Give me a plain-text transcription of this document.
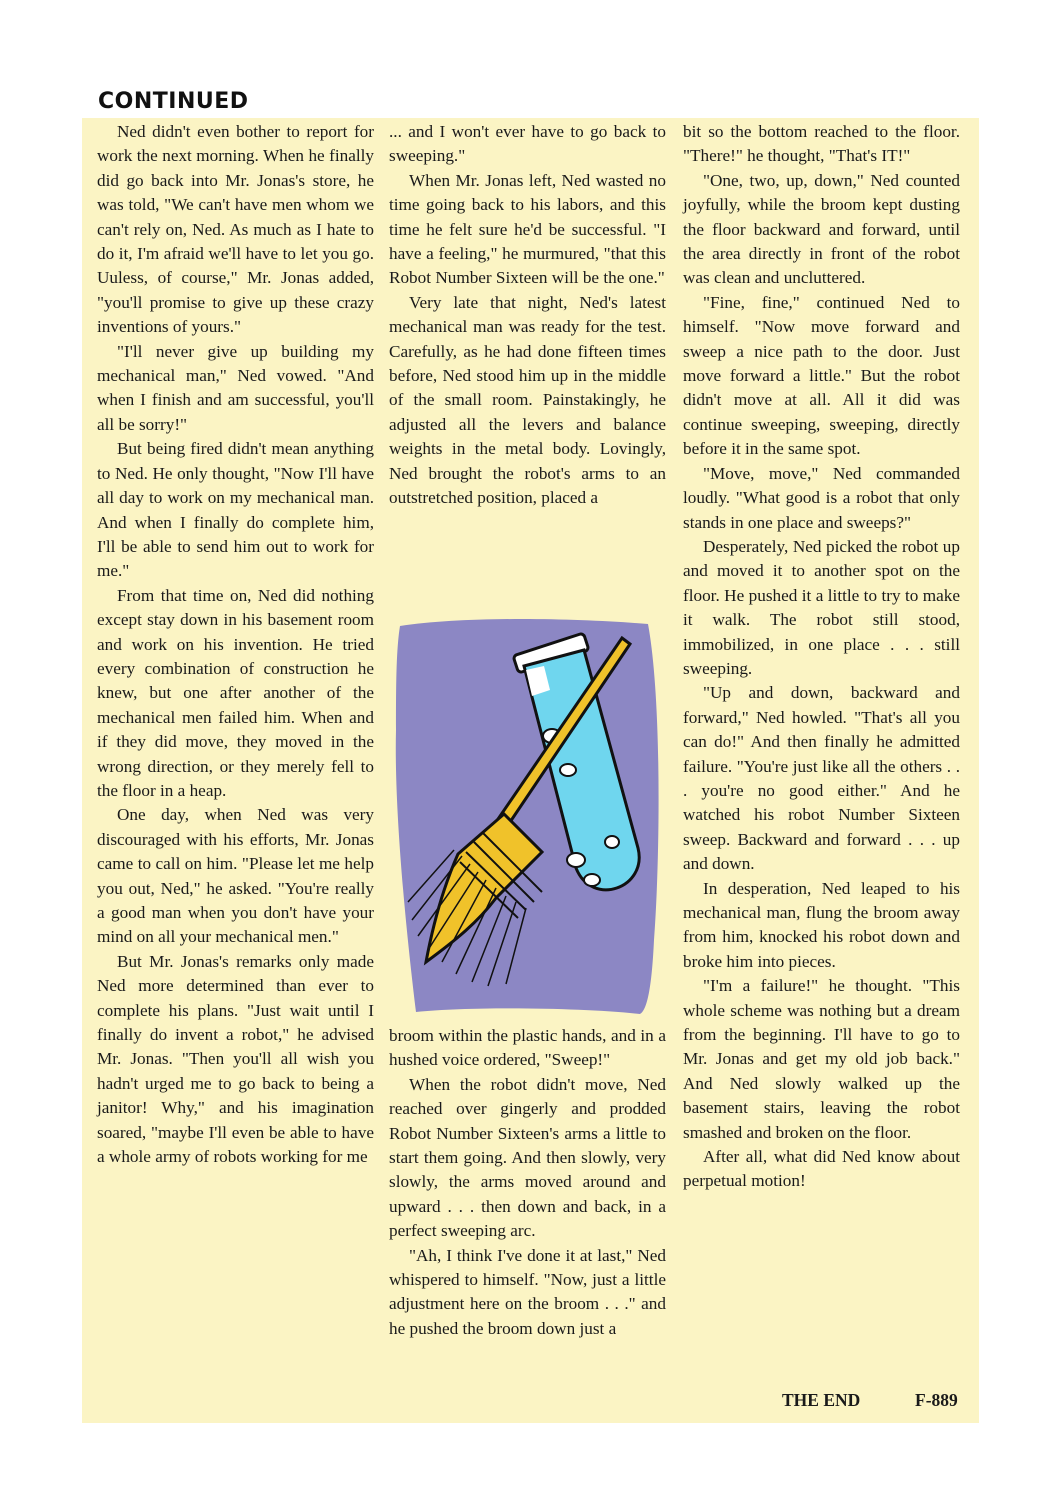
CONTINUED

Ned didn't even bother to report for work the next morning. When he finally did go back into Mr. Jonas's store, he was told, "We can't have men whom we can't rely on, Ned. As much as I hate to do it, I'm afraid we'll have to let you go. Uuless, of course," Mr. Jonas added, "you'll promise to give up these crazy inventions of yours."

"I'll never give up building my mechanical man," Ned vowed. "And when I finish and am successful, you'll all be sorry!"

But being fired didn't mean anything to Ned. He only thought, "Now I'll have all day to work on my mechanical man. And when I finally do complete him, I'll be able to send him out to work for me."

From that time on, Ned did nothing except stay down in his basement room and work on his invention. He tried every combination of construction he knew, but one after another of the mechanical men failed him. When and if they did move, they moved in the wrong direction, or they merely fell to the floor in a heap.

One day, when Ned was very discouraged with his efforts, Mr. Jonas came to call on him. "Please let me help you out, Ned," he asked. "You're really a good man when you don't have your mind on all your mechanical men."

But Mr. Jonas's remarks only made Ned more determined than ever to complete his plans. "Just wait until I finally do invent a robot," he advised Mr. Jonas. "Then you'll all wish you hadn't urged me to go back to being a janitor! Why," and his imagination soared, "maybe I'll even be able to have a whole army of robots working for me

... and I won't ever have to go back to sweeping."

When Mr. Jonas left, Ned wasted no time going back to his labors, and this time he felt sure he'd be successful. "I have a feeling," he murmured, "that this Robot Number Sixteen will be the one."

Very late that night, Ned's latest mechanical man was ready for the test. Carefully, as he had done fifteen times before, Ned stood him up in the middle of the small room. Painstakingly, he adjusted all the levers and balance weights in the metal body. Lovingly, Ned brought the robot's arms to an outstretched position, placed a

broom within the plastic hands, and in a hushed voice ordered, "Sweep!"

When the robot didn't move, Ned reached over gingerly and prodded Robot Number Sixteen's arms a little to start them going. And then slowly, very slowly, the arms moved around and upward . . . then down and back, in a perfect sweeping arc.

"Ah, I think I've done it at last," Ned whispered to himself. "Now, just a little adjustment here on the broom . . ." and he pushed the broom down just a

bit so the bottom reached to the floor. "There!" he thought, "That's IT!"

"One, two, up, down," Ned counted joyfully, while the broom kept dusting the floor backward and forward, until the area directly in front of the robot was clean and uncluttered.

"Fine, fine," continued Ned to himself. "Now move forward and sweep a nice path to the door. Just move forward a little." But the robot didn't move at all. All it did was continue sweeping, sweeping, directly before it in the same spot.

"Move, move," Ned commanded loudly. "What good is a robot that only stands in one place and sweeps?"

Desperately, Ned picked the robot up and moved it to another spot on the floor. He pushed it a little to try to make it walk. The robot still stood, immobilized, in one place . . . still sweeping.

"Up and down, backward and forward," Ned howled. "That's all you can do!" And then finally he admitted failure. "You're just like all the others . . . you're no good either." And he watched his robot Number Sixteen sweep. Backward and forward . . . up and down.

In desperation, Ned leaped to his mechanical man, flung the broom away from him, knocked his robot down and broke him into pieces.

"I'm a failure!" he thought. "This whole scheme was nothing but a dream from the beginning. I'll have to go to Mr. Jonas and get my old job back." And Ned slowly walked up the basement stairs, leaving the robot smashed and broken on the floor.

After all, what did Ned know about perpetual motion!

THE END	F-889
